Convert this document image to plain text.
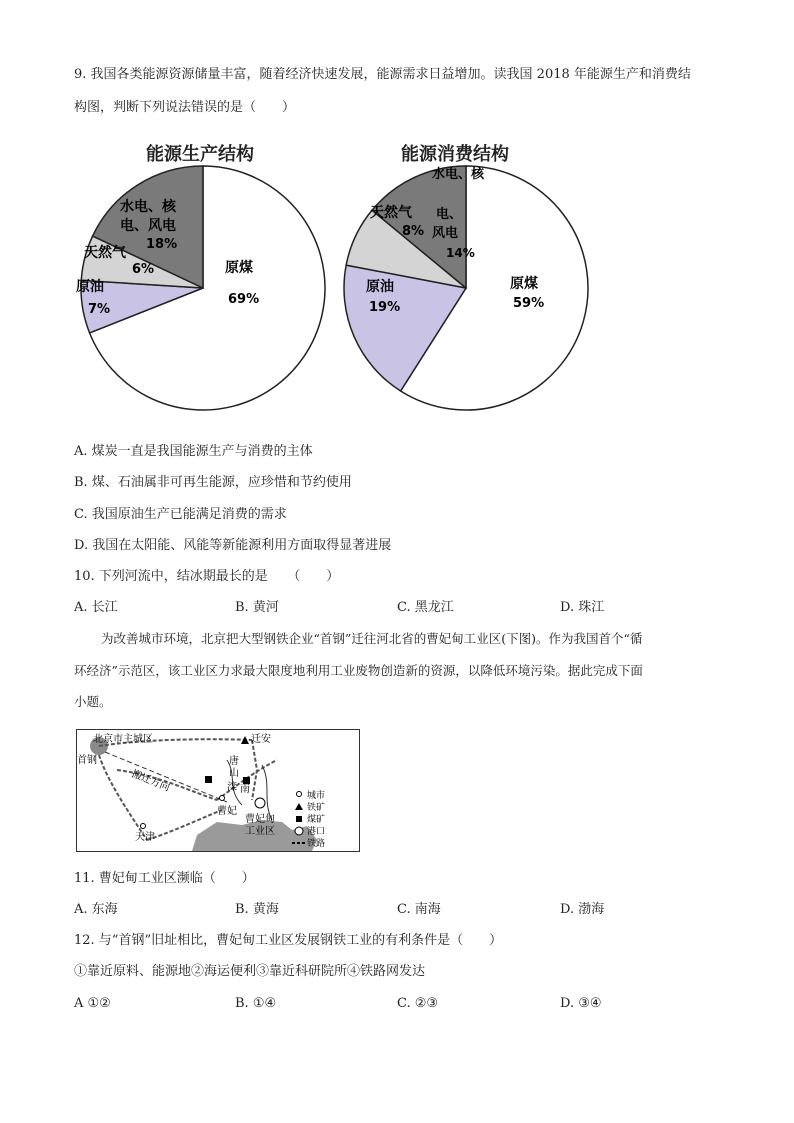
9. 我国各类能源资源储量丰富，随着经济快速发展，能源需求日益增加。读我国 2018 年能源生产和消费结
构图，判断下列说法错误的是（　　）
能源生产结构	能源消费结构
原煤
69%
原油
7%
天然气
6%
水电、核
电、风电
18%
原煤
59%
原油
19%
天然气
8%
水电、核
电、
风电
14%
A. 煤炭一直是我国能源生产与消费的主体
B. 煤、石油属非可再生能源，应珍惜和节约使用
C. 我国原油生产已能满足消费的需求
D. 我国在太阳能、风能等新能源利用方面取得显著进展
10. 下列河流中，结冰期最长的是　　（　　）
A. 长江	B. 黄河	C. 黑龙江	D. 珠江
为改善城市环境，北京把大型钢铁企业“首钢”迁往河北省的曹妃甸工业区(下图)。作为我国首个“循
环经济”示范区，该工业区力求最大限度地利用工业废物创造新的资源，以降低环境污染。据此完成下面
小题。
北京市主城区
首钢
迁安
唐
山
滦 南
曹妃
天津
搬迁方向
曹妃甸
工业区
城市
铁矿
煤矿
港口
铁路
11. 曹妃甸工业区濒临（　　）
A. 东海	B. 黄海	C. 南海	D. 渤海
12. 与“首钢”旧址相比，曹妃甸工业区发展钢铁工业的有利条件是（　　）
①靠近原料、能源地②海运便利③靠近科研院所④铁路网发达
A ①②	B. ①④	C. ②③	D. ③④
